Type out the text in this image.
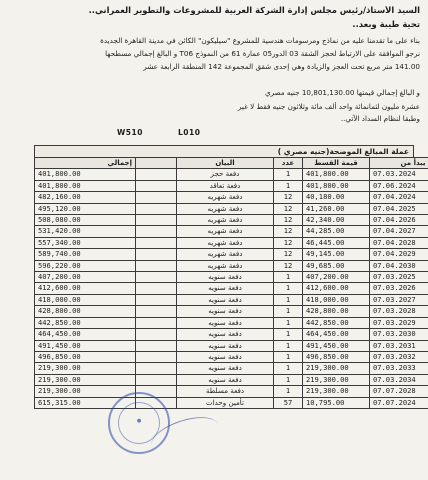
السيد الأستاذ/رئيس مجلس إدارة الشركة العربية للمشروعات والتطوير العمراني..
تحية طيبة وبعد..
بناء على ما تقدمنا عليه من نماذج ومرسومات هندسية للمشروع "سيليكون" الكائن في مدينة القاهرة الجديدة
نرجو الموافقة على الارتباط لحجز الشقة 03 الدور05 عمارة 61 من النموذج T06 و البالغ إجمالي مسطحها
141.00 متر مربع تحت العجز والزيادة وهي إحدى شقق المجموعة 142 المنطقة الرابعة عشر
و البالغ إجمالي قيمتها 10,801,130.00 جنيه مصري
عشرة مليون لثمانمائة واحد ألف مائة وثلاثون جنيه فقط لا غير
وطبقا لنظام السداد الآتي..
W510	L010
عملة المبالغ الموضحة(جنيه مصري )
إجمالي		البيان	عدد	قيمة القسط	يبدأ من
401,800.00		دفعة حجز	1	401,800.00	07.03.2024
401,800.00		دفعة تعاقد	1	401,800.00	07.06.2024
482,160.00		دفعة شهريه	12	40,180.00	07.04.2024
495,120.00		دفعة شهريه	12	41,260.00	07.04.2025
508,080.00		دفعة شهريه	12	42,340.00	07.04.2026
531,420.00		دفعة شهريه	12	44,285.00	07.04.2027
557,340.00		دفعة شهريه	12	46,445.00	07.04.2028
589,740.00		دفعة شهريه	12	49,145.00	07.04.2029
596,220.00		دفعة شهريه	12	49,685.00	07.04.2030
407,200.00		دفعة سنويه	1	407,200.00	07.03.2025
412,600.00		دفعة سنويه	1	412,600.00	07.03.2026
418,000.00		دفعة سنويه	1	418,000.00	07.03.2027
428,800.00		دفعة سنويه	1	428,800.00	07.03.2028
442,850.00		دفعة سنويه	1	442,850.00	07.03.2029
464,450.00		دفعة سنويه	1	464,450.00	07.03.2030
491,450.00		دفعة سنويه	1	491,450.00	07.03.2031
496,850.00		دفعة سنويه	1	496,850.00	07.03.2032
219,300.00		دفعة سنويه	1	219,300.00	07.03.2033
219,300.00		دفعة سنويه	1	219,300.00	07.03.2034
219,300.00		دفعة مسلطة	1	219,300.00	07.07.2028
615,315.00		تأمين وحدات	57	10,795.00	07.07.2024
●
